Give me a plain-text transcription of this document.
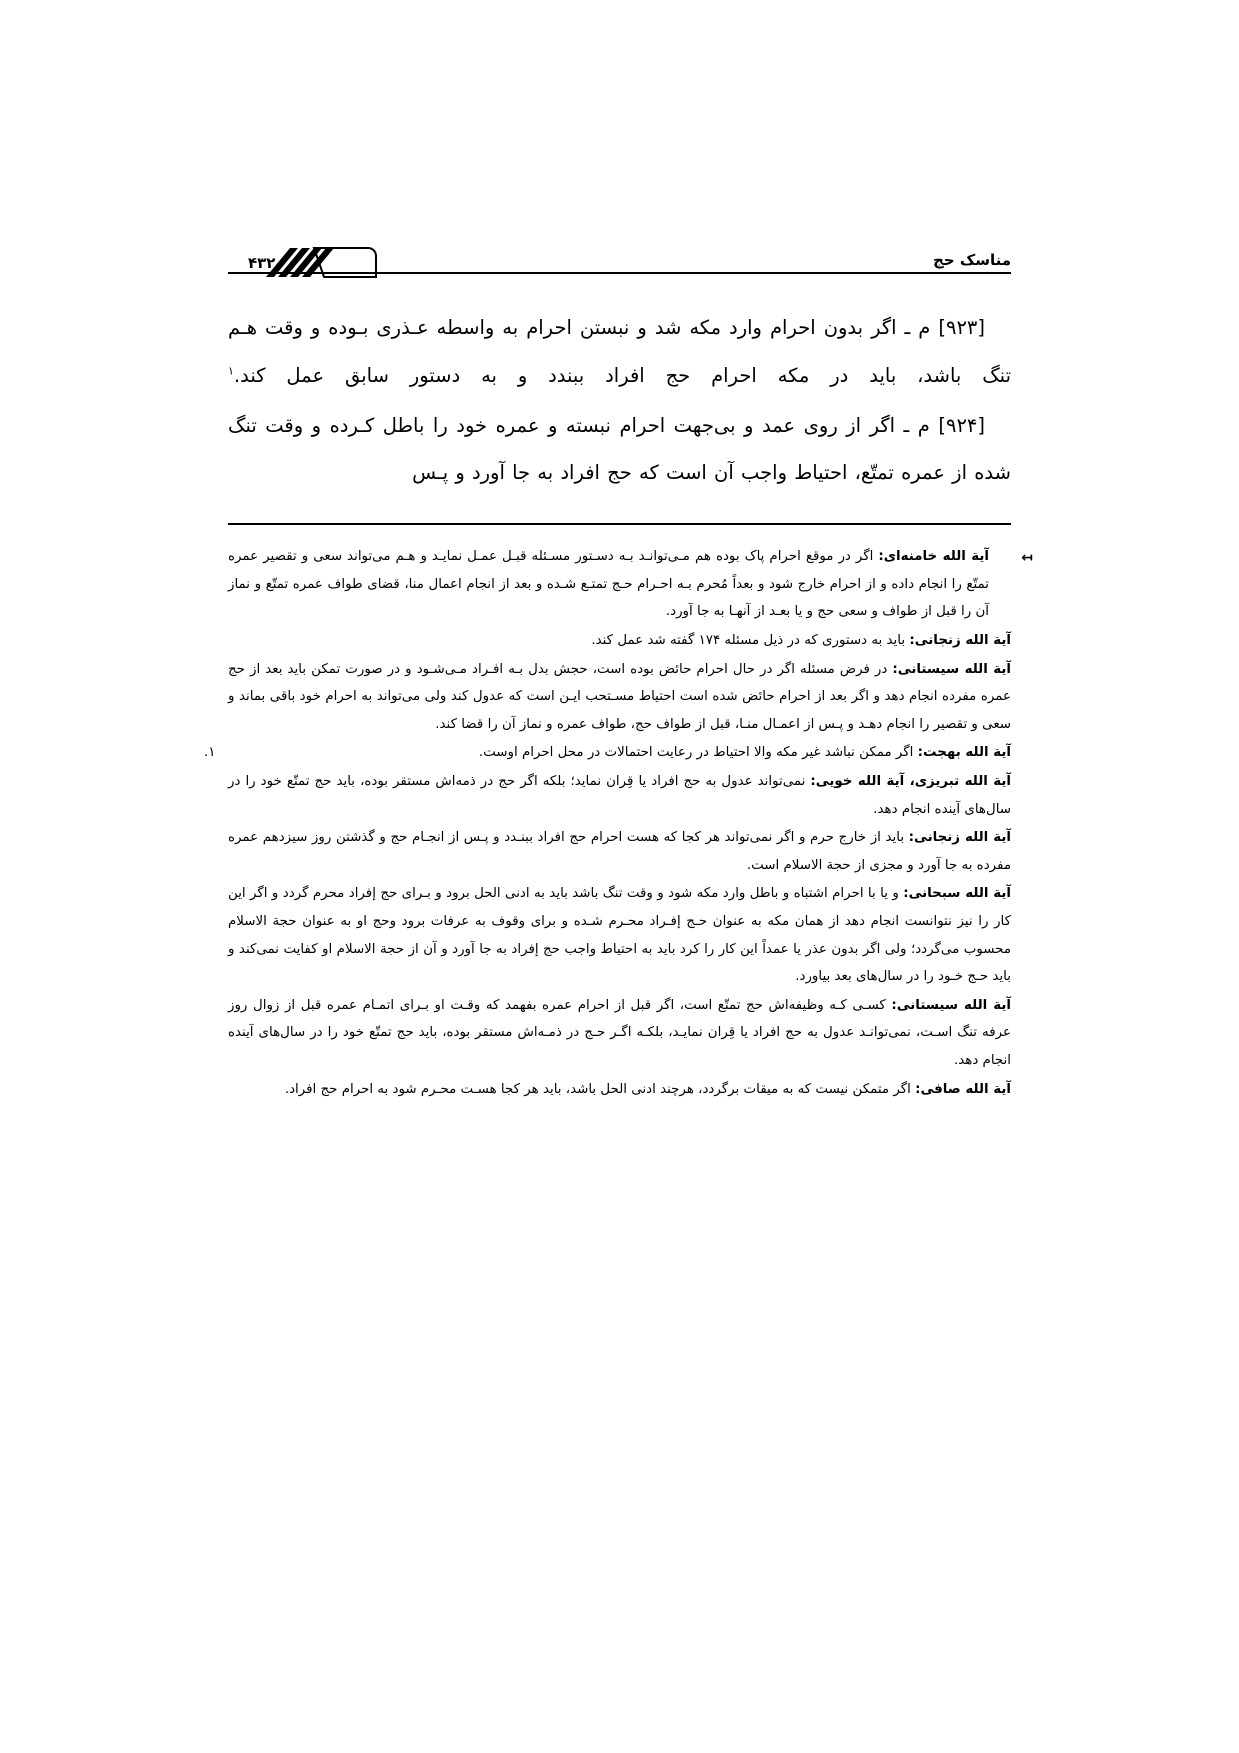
مناسک حج
۴۳۲

[۹۲۳] م ـ اگر بدون احرام وارد مکه شد و نبستن احرام به واسطه عـذری بـوده و وقت هـم تنگ باشد، باید در مکه احرام حج افراد ببندد و به دستور سابق عمل کند.$^۱$

[۹۲۴] م ـ اگر از روی عمد و بی‌جهت احرام نبسته و عمره خود را باطل کـرده و وقت تنگ شده از عمره تمتّع، احتیاط واجب آن است که حج افراد به جا آورد و پـس

↤
آية الله خامنه‌ای: اگر در موقع احرام پاک بوده هم مـی‌توانـد بـه دسـتور مسـئله قبـل عمـل نمایـد و هـم می‌تواند سعی و تقصیر عمره تمتّع را انجام داده و از احرام خارج شود و بعداً مُحرم بـه احـرام حـج تمتـع شـده و بعد از انجام اعمال منا، قضای طواف عمره تمتّع و نماز آن را قبل از طواف و سعی حج و یا بعـد از آنهـا به جا آورد.
آية الله زنجانی: باید به دستوری که در ذیل مسئله ۱۷۴ گفته شد عمل کند.
آية الله سیستانی: در فرض مسئله اگر در حال احرام حائض بوده است، حجش بدل بـه افـراد مـی‌شـود و در صورت تمکن باید بعد از حج عمره مفرده انجام دهد و اگر بعد از احرام حائض شده است احتیاط مسـتحب ایـن است که عدول کند ولی می‌تواند به احرام خود باقی بماند و سعی و تقصیر را انجام دهـد و پـس از اعمـال منـا، قبل از طواف حج، طواف عمره و نماز آن را قضا کند.
۱.	آية الله بهجت: اگر ممکن نباشد غیر مکه والا احتیاط در رعایت احتمالات در محل احرام اوست.
آية الله تبریزی، آية الله خویی: نمی‌تواند عدول به حج افراد یا قِران نماید؛ بلکه اگر حج در ذمه‌اش مستقر بوده، باید حج تمتّع خود را در سال‌های آینده انجام دهد.
آية الله زنجانی: باید از خارج حرم و اگر نمی‌تواند هر کجا که هست احرام حج افراد ببنـدد و پـس از انجـام حج و گذشتن روز سیزدهم عمره مفرده به جا آورد و مجزی از حجة الاسلام است.
آية الله سبحانی: و یا با احرام اشتباه و باطل وارد مکه شود و وقت تنگ باشد باید به ادنی الحل برود و بـرای حج إفراد محرم گردد و اگر این کار را نیز نتوانست انجام دهد از همان مکه به عنوان حـج إفـراد محـرم شـده و برای وقوف به عرفات برود وحج او به عنوان حجة الاسلام محسوب می‌گردد؛ ولی اگر بدون عذر یا عمداً این کار را کرد باید به احتیاط واجب حج إفراد به جا آورد و آن از حجة الاسلام او کفایت نمی‌کند و باید حـج خـود را در سال‌های بعد بیاورد.
آية الله سیستانی: کسـی کـه وظیفه‌اش حج تمتّع است، اگر قبل از احرام عمره بفهمد که وقـت او بـرای اتمـام عمره قبل از زوال روز عرفه تنگ اسـت، نمی‌توانـد عدول به حج افراد یا قِران نمایـد، بلکـه اگـر حـج در ذمـه‌اش مستقر بوده، باید حج تمتّع خود را در سال‌های آینده انجام دهد.
آية الله صافی: اگر متمکن نیست که به میقات برگردد، هرچند ادنی الحل باشد، باید هر کجا هسـت محـرم شود به احرام حج افراد.
